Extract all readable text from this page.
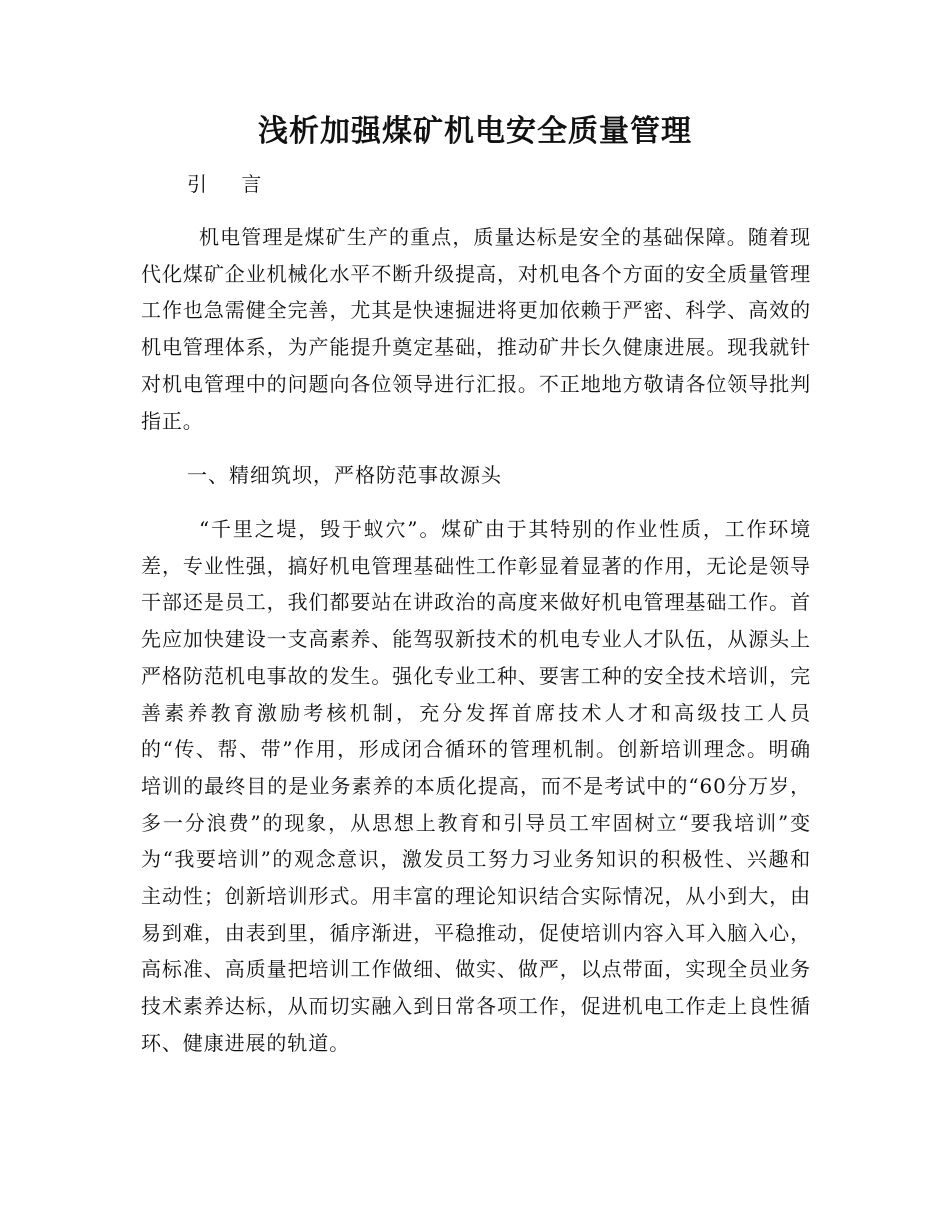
浅析加强煤矿机电安全质量管理

引 言

机电管理是煤矿生产的重点，质量达标是安全的基础保障。随着现代化煤矿企业机械化水平不断升级提高，对机电各个方面的安全质量管理工作也急需健全完善，尤其是快速掘进将更加依赖于严密、科学、高效的机电管理体系，为产能提升奠定基础，推动矿井长久健康进展。现我就针对机电管理中的问题向各位领导进行汇报。不正地地方敬请各位领导批判指正。

一、精细筑坝，严格防范事故源头

“千里之堤，毁于蚁穴”。煤矿由于其特别的作业性质，工作环境差，专业性强，搞好机电管理基础性工作彰显着显著的作用，无论是领导干部还是员工，我们都要站在讲政治的高度来做好机电管理基础工作。首先应加快建设一支高素养、能驾驭新技术的机电专业人才队伍，从源头上严格防范机电事故的发生。强化专业工种、要害工种的安全技术培训，完善素养教育激励考核机制，充分发挥首席技术人才和高级技工人员的“传、帮、带”作用，形成闭合循环的管理机制。创新培训理念。明确培训的最终目的是业务素养的本质化提高，而不是考试中的“60分万岁，多一分浪费”的现象，从思想上教育和引导员工牢固树立“要我培训”变为“我要培训”的观念意识，激发员工努力习业务知识的积极性、兴趣和主动性；创新培训形式。用丰富的理论知识结合实际情况，从小到大，由易到难，由表到里，循序渐进，平稳推动，促使培训内容入耳入脑入心，高标准、高质量把培训工作做细、做实、做严，以点带面，实现全员业务技术素养达标，从而切实融入到日常各项工作，促进机电工作走上良性循环、健康进展的轨道。
